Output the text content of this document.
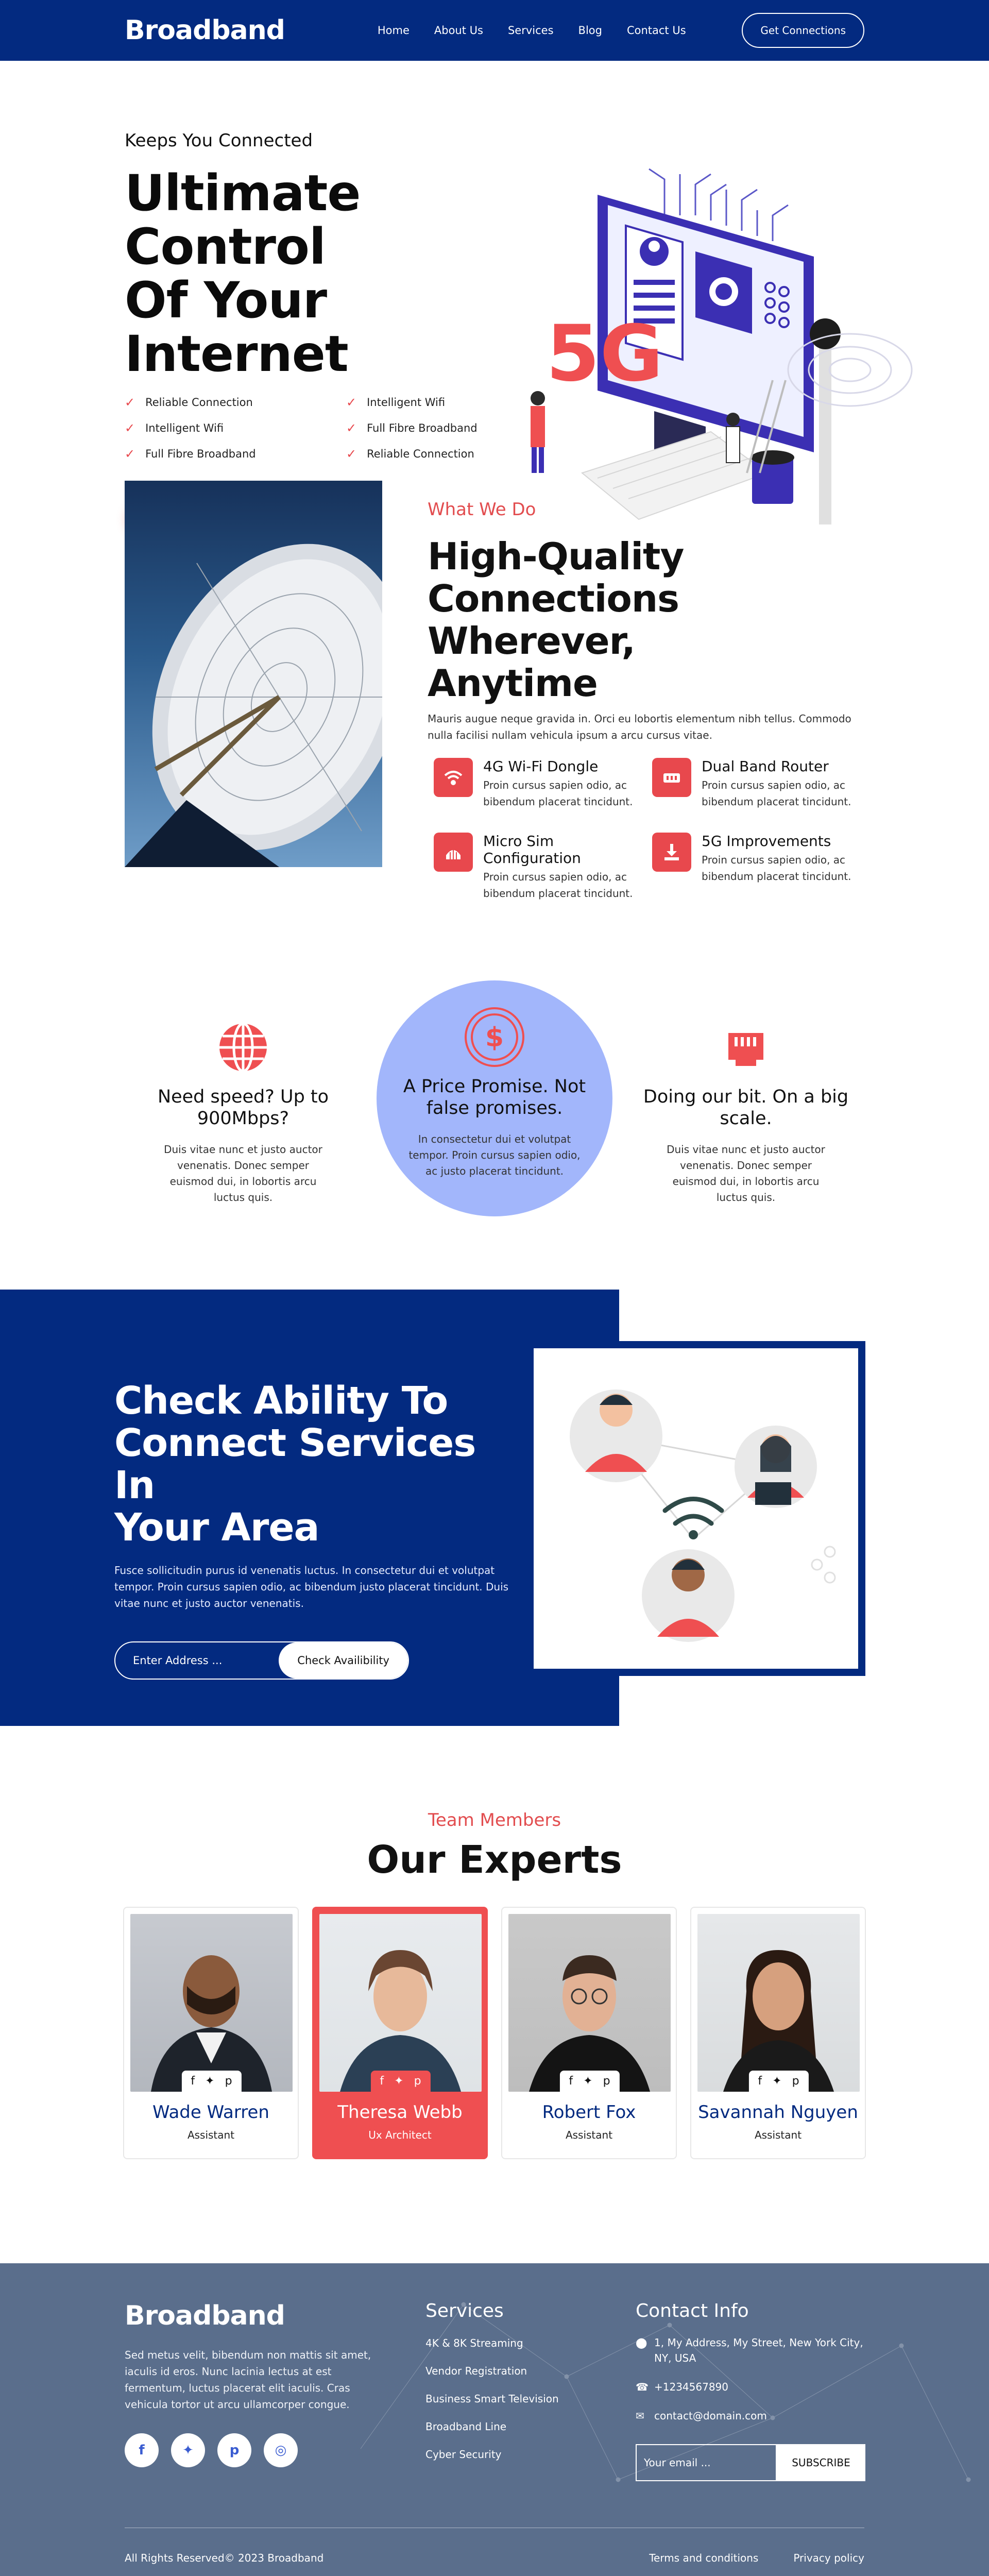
Broadband	Home About Us Services Blog Contact Us	Get Connections
Keeps You Connected
Ultimate Control
Of Your Internet
✓ Reliable Connection	✓ Intelligent Wifi
✓ Intelligent Wifi	✓ Full Fibre Broadband
✓ Full Fibre Broadband	✓ Reliable Connection
5G
What We Do
High-Quality
Connections Wherever,
Anytime
Mauris augue neque gravida in. Orci eu lobortis elementum nibh tellus. Commodo nulla facilisi nullam vehicula ipsum a arcu cursus vitae.
4G Wi-Fi Dongle
Proin cursus sapien odio, ac bibendum placerat tincidunt.
Dual Band Router
Proin cursus sapien odio, ac bibendum placerat tincidunt.
Micro Sim Configuration
Proin cursus sapien odio, ac bibendum placerat tincidunt.
5G Improvements
Proin cursus sapien odio, ac bibendum placerat tincidunt.
Need speed? Up to 900Mbps?
Duis vitae nunc et justo auctor venenatis. Donec semper euismod dui, in lobortis arcu luctus quis.
$
A Price Promise. Not false promises.
In consectetur dui et volutpat tempor. Proin cursus sapien odio, ac justo placerat tincidunt.
Doing our bit. On a big scale.
Duis vitae nunc et justo auctor venenatis. Donec semper euismod dui, in lobortis arcu luctus quis.
Check Ability To
Connect Services In
Your Area
Fusce sollicitudin purus id venenatis luctus. In consectetur dui et volutpat tempor. Proin cursus sapien odio, ac bibendum justo placerat tincidunt. Duis vitae nunc et justo auctor venenatis.
Enter Address ...	Check Availibility
Team Members
Our Experts
f ✦ p
Wade Warren
Assistant
f ✦ p
Theresa Webb
Ux Architect
f ✦ p
Robert Fox
Assistant
f ✦ p
Savannah Nguyen
Assistant
Broadband

Sed metus velit, bibendum non mattis sit amet, iaculis id eros. Nunc lacinia lectus at est fermentum, luctus placerat elit iaculis. Cras vehicula tortor ut arcu ullamcorper congue.

f	✦	p	◎
Services
4K & 8K Streaming
Vendor Registration
Business Smart Television
Broadband Line
Cyber Security
Contact Info
⬤ 1, My Address, My Street, New York City, NY, USA
☎ +1234567890
✉ contact@domain.com
Your email ...	SUBSCRIBE
All Rights Reserved© 2023 Broadband	Terms and conditions	Privacy policy
